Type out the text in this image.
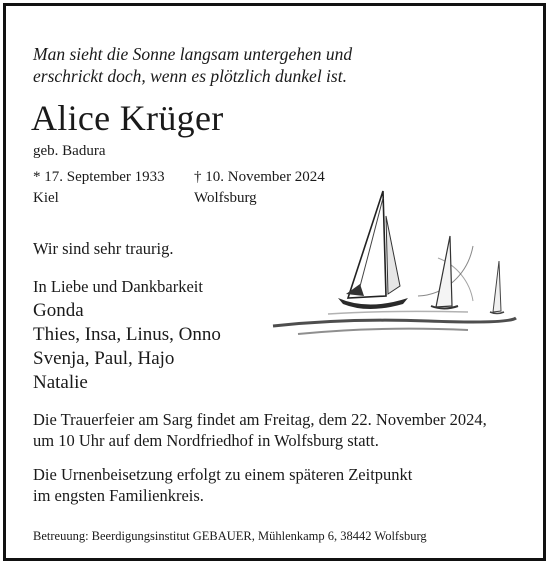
Man sieht die Sonne langsam untergehen und
erschrickt doch, wenn es plötzlich dunkel ist.
Alice Krüger
geb. Badura
* 17. September 1933
Kiel
† 10. November 2024
Wolfsburg
Wir sind sehr traurig.
In Liebe und Dankbarkeit
Gonda
Thies, Insa, Linus, Onno
Svenja, Paul, Hajo
Natalie
Die Trauerfeier am Sarg findet am Freitag, dem 22. November 2024,
um 10 Uhr auf dem Nordfriedhof in Wolfsburg statt.
Die Urnenbeisetzung erfolgt zu einem späteren Zeitpunkt
im engsten Familienkreis.
Betreuung: Beerdigungsinstitut GEBAUER, Mühlenkamp 6, 38442 Wolfsburg
